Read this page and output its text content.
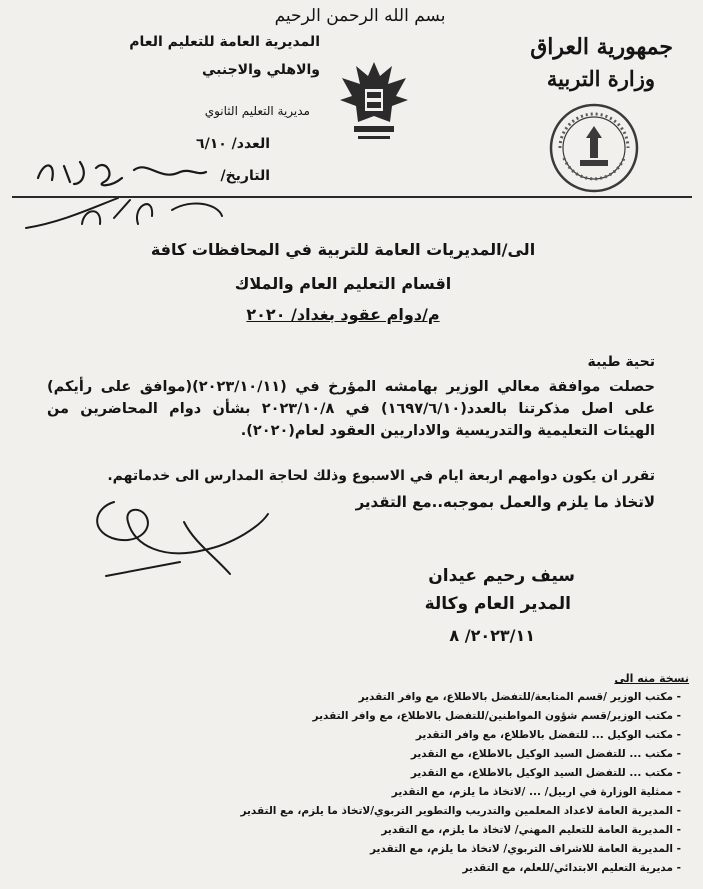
بسم الله الرحمن الرحيم
جمهورية العراق
وزارة التربية
المديرية العامة للتعليم العام
والاهلي والاجنبي
مديرية التعليم الثانوي
العدد/ ٦/١٠
التاريخ/
الى/المديريات العامة للتربية في المحافظات كافة
اقسام التعليم العام والملاك
م/دوام عقود بغداد/ ٢٠٢٠
تحية طيبة
حصلت موافقة معالي الوزير بهامشه المؤرخ في (٢٠٢٣/١٠/١١)(موافق على رأيكم) على اصل مذكرتنا بالعدد(١٦٩٧/٦/١٠) في ٢٠٢٣/١٠/٨ بشأن دوام المحاضرين من الهيئات التعليمية والتدريسية والاداريين العقود لعام(٢٠٢٠).
تقرر ان يكون دوامهم اربعة ايام في الاسبوع وذلك لحاجة المدارس الى خدماتهم.
لاتخاذ ما يلزم والعمل بموجبه..مع التقدير
سيف رحيم عيدان
المدير العام وكالة
٢٠٢٣/١١/ ٨
نسخة منه الى
- مكتب الوزير /قسم المتابعة/للتفضل بالاطلاع، مع وافر التقدير
- مكتب الوزير/قسم شؤون المواطنين/للتفضل بالاطلاع، مع وافر التقدير
- مكتب الوكيل ... للتفضل بالاطلاع، مع وافر التقدير
- مكتب ... للتفضل السيد الوكيل بالاطلاع، مع التقدير
- مكتب ... للتفضل السيد الوكيل بالاطلاع، مع التقدير
- ممثلية الوزارة في اربيل/ ... /لاتخاذ ما يلزم، مع التقدير
- المديرية العامة لاعداد المعلمين والتدريب والتطوير التربوي/لاتخاذ ما يلزم، مع التقدير
- المديرية العامة للتعليم المهني/ لاتخاذ ما يلزم، مع التقدير
- المديرية العامة للاشراف التربوي/ لاتخاذ ما يلزم، مع التقدير
- مديرية التعليم الابتدائي/للعلم، مع التقدير
